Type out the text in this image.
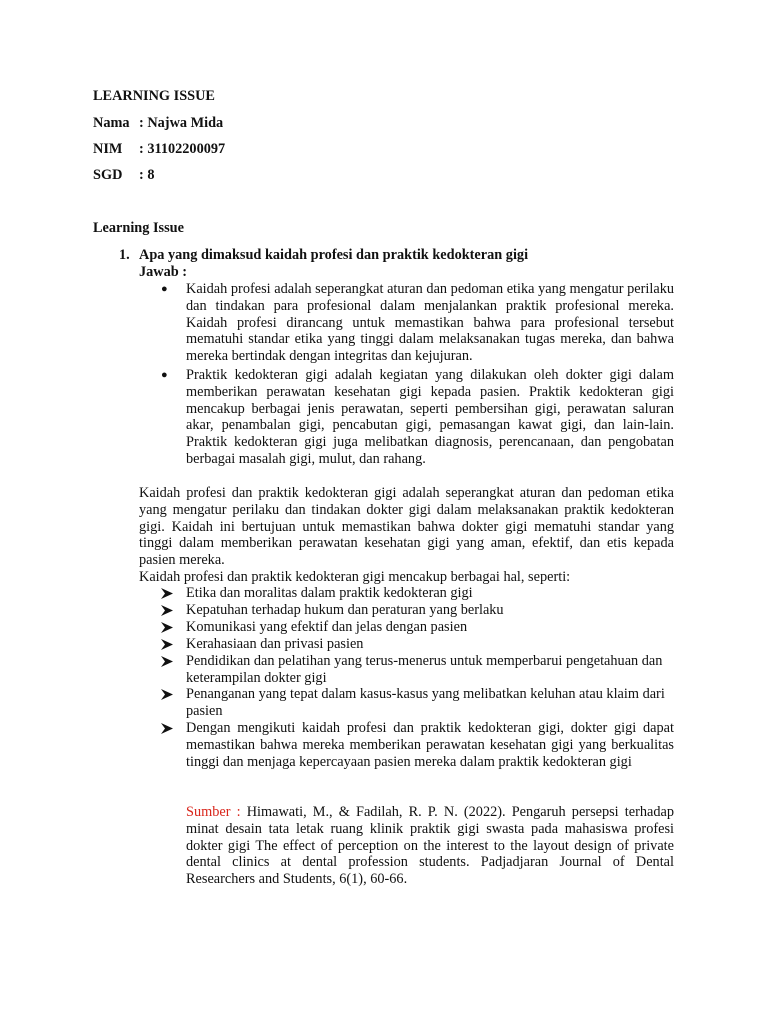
LEARNING ISSUE
Nama : Najwa Mida
NIM : 31102200097
SGD : 8
Learning Issue
1. Apa yang dimaksud kaidah profesi dan praktik kedokteran gigi
Jawab :
● Kaidah profesi adalah seperangkat aturan dan pedoman etika yang mengatur perilaku dan tindakan para profesional dalam menjalankan praktik profesional mereka. Kaidah profesi dirancang untuk memastikan bahwa para profesional tersebut mematuhi standar etika yang tinggi dalam melaksanakan tugas mereka, dan bahwa mereka bertindak dengan integritas dan kejujuran.
● Praktik kedokteran gigi adalah kegiatan yang dilakukan oleh dokter gigi dalam memberikan perawatan kesehatan gigi kepada pasien. Praktik kedokteran gigi mencakup berbagai jenis perawatan, seperti pembersihan gigi, perawatan saluran akar, penambalan gigi, pencabutan gigi, pemasangan kawat gigi, dan lain-lain. Praktik kedokteran gigi juga melibatkan diagnosis, perencanaan, dan pengobatan berbagai masalah gigi, mulut, dan rahang.
Kaidah profesi dan praktik kedokteran gigi adalah seperangkat aturan dan pedoman etika yang mengatur perilaku dan tindakan dokter gigi dalam melaksanakan praktik kedokteran gigi. Kaidah ini bertujuan untuk memastikan bahwa dokter gigi mematuhi standar yang tinggi dalam memberikan perawatan kesehatan gigi yang aman, efektif, dan etis kepada pasien mereka.
Kaidah profesi dan praktik kedokteran gigi mencakup berbagai hal, seperti:
Etika dan moralitas dalam praktik kedokteran gigi
Kepatuhan terhadap hukum dan peraturan yang berlaku
Komunikasi yang efektif dan jelas dengan pasien
Kerahasiaan dan privasi pasien
Pendidikan dan pelatihan yang terus-menerus untuk memperbarui pengetahuan dan keterampilan dokter gigi
Penanganan yang tepat dalam kasus-kasus yang melibatkan keluhan atau klaim dari pasien
Dengan mengikuti kaidah profesi dan praktik kedokteran gigi, dokter gigi dapat memastikan bahwa mereka memberikan perawatan kesehatan gigi yang berkualitas tinggi dan menjaga kepercayaan pasien mereka dalam praktik kedokteran gigi
Sumber : Himawati, M., & Fadilah, R. P. N. (2022). Pengaruh persepsi terhadap minat desain tata letak ruang klinik praktik gigi swasta pada mahasiswa profesi dokter gigi The effect of perception on the interest to the layout design of private dental clinics at dental profession students. Padjadjaran Journal of Dental Researchers and Students, 6(1), 60-66.
